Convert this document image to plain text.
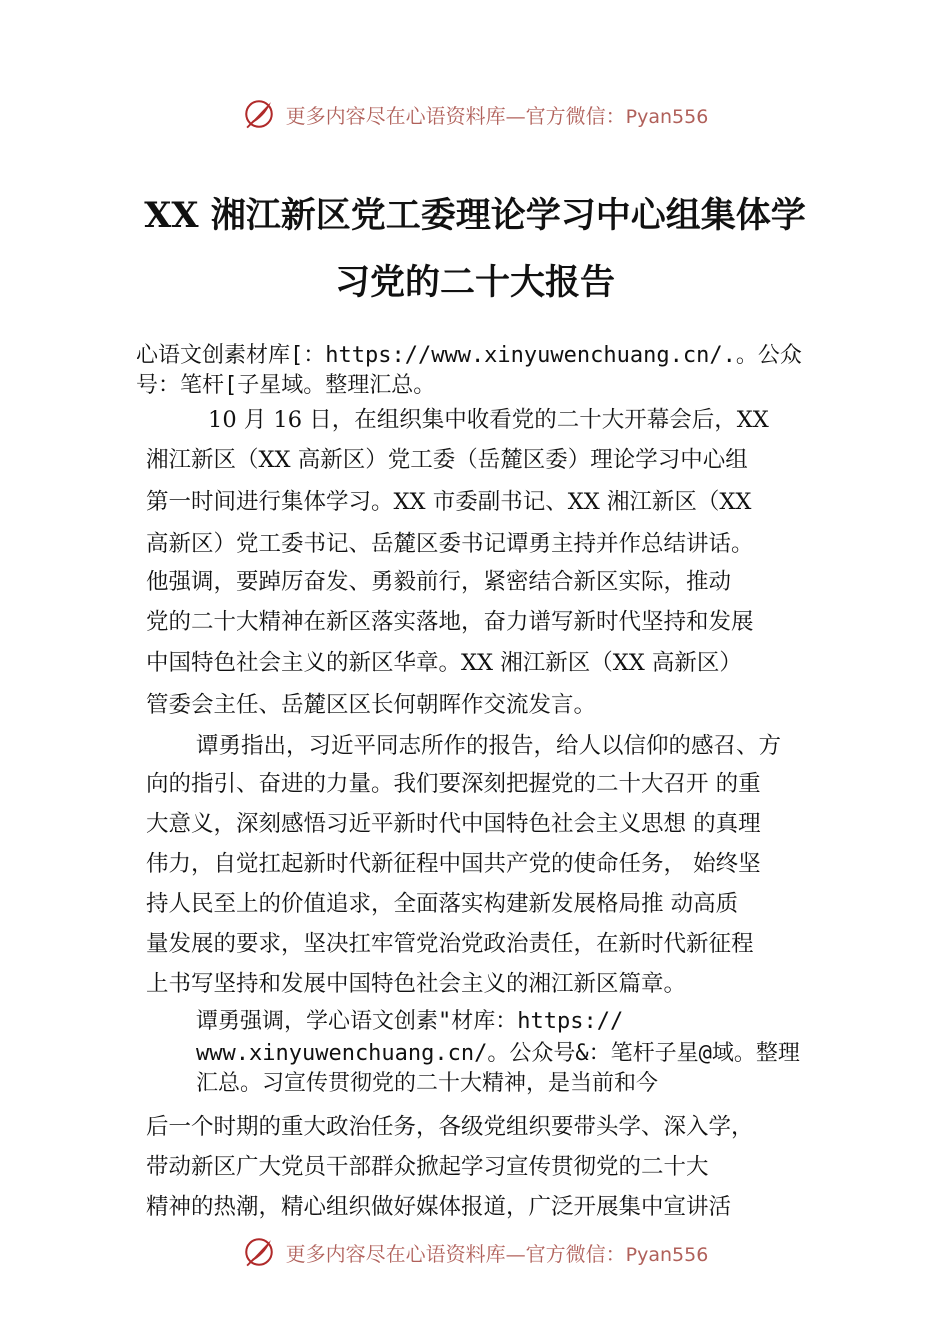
更多内容尽在心语资料库—官方微信：Pyan556
XX 湘江新区党工委理论学习中心组集体学
习党的二十大报告
心语文创素材库[：https://www.xinyuwenchuang.cn/.。公众
号：笔杆[子星域。整理汇总。
10 月 16 日，在组织集中收看党的二十大开幕会后，XX
湘江新区（XX 高新区）党工委（岳麓区委）理论学习中心组
第一时间进行集体学习。XX 市委副书记、XX 湘江新区（XX
高新区）党工委书记、岳麓区委书记谭勇主持并作总结讲话。
他强调，要踔厉奋发、勇毅前行，紧密结合新区实际，推动
党的二十大精神在新区落实落地，奋力谱写新时代坚持和发展
中国特色社会主义的新区华章。XX 湘江新区（XX 高新区）
管委会主任、岳麓区区长何朝晖作交流发言。
谭勇指出，习近平同志所作的报告，给人以信仰的感召、方
向的指引、奋进的力量。我们要深刻把握党的二十大召开 的重
大意义，深刻感悟习近平新时代中国特色社会主义思想 的真理
伟力，自觉扛起新时代新征程中国共产党的使命任务， 始终坚
持人民至上的价值追求，全面落实构建新发展格局推 动高质
量发展的要求，坚决扛牢管党治党政治责任，在新时代新征程
上书写坚持和发展中国特色社会主义的湘江新区篇章。
谭勇强调，学心语文创素"材库：https://
www.xinyuwenchuang.cn/。公众号&：笔杆子星@域。整理
汇总。习宣传贯彻党的二十大精神，是当前和今
后一个时期的重大政治任务，各级党组织要带头学、深入学，
带动新区广大党员干部群众掀起学习宣传贯彻党的二十大
精神的热潮，精心组织做好媒体报道，广泛开展集中宣讲活
更多内容尽在心语资料库—官方微信：Pyan556
